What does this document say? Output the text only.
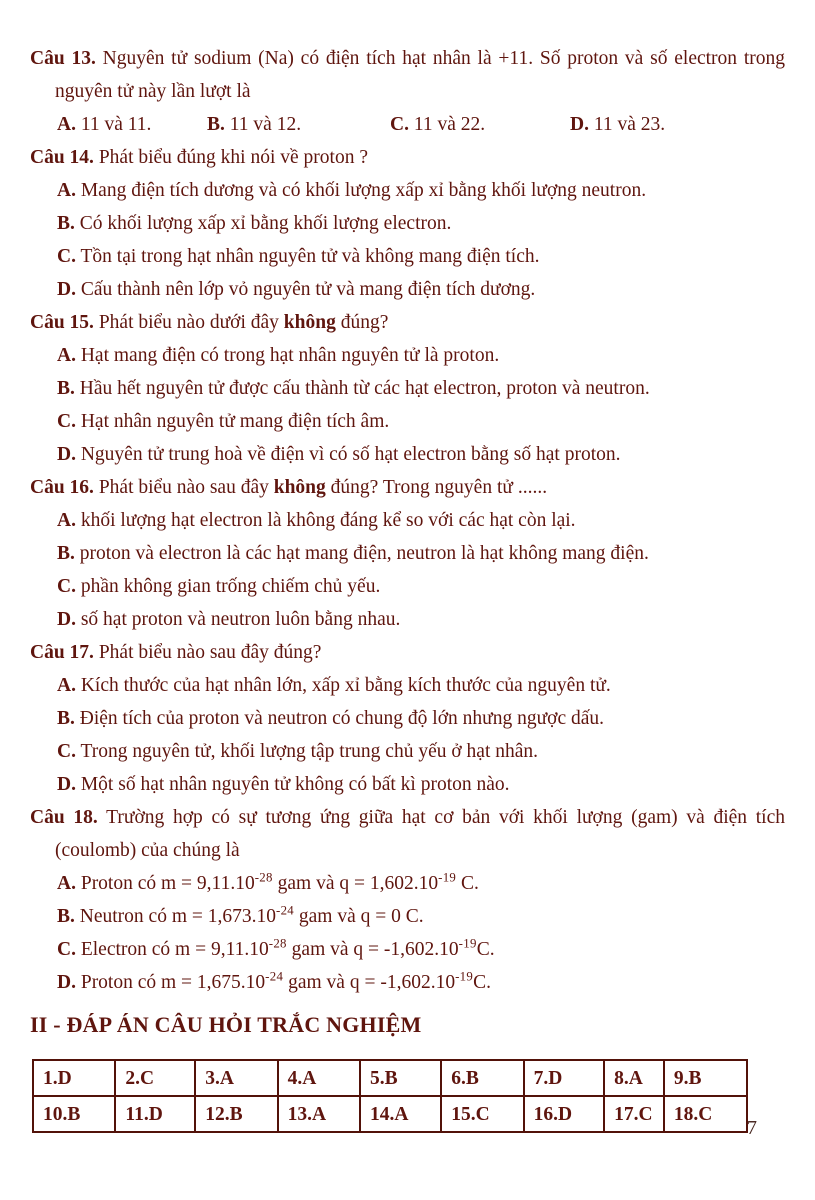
Câu 13. Nguyên tử sodium (Na) có điện tích hạt nhân là +11. Số proton và số electron trong nguyên tử này lần lượt là

A. 11 và 11.	B. 11 và 12.	C. 11 và 22.	D. 11 và 23.

Câu 14. Phát biểu đúng khi nói về proton ?

A. Mang điện tích dương và có khối lượng xấp xỉ bằng khối lượng neutron.

B. Có khối lượng xấp xỉ bằng khối lượng electron.

C. Tồn tại trong hạt nhân nguyên tử và không mang điện tích.

D. Cấu thành nên lớp vỏ nguyên tử và mang điện tích dương.

Câu 15. Phát biểu nào dưới đây không đúng?

A. Hạt mang điện có trong hạt nhân nguyên tử là proton.

B. Hầu hết nguyên tử được cấu thành từ các hạt electron, proton và neutron.

C. Hạt nhân nguyên tử mang điện tích âm.

D. Nguyên tử trung hoà về điện vì có số hạt electron bằng số hạt proton.

Câu 16. Phát biểu nào sau đây không đúng? Trong nguyên tử ......

A. khối lượng hạt electron là không đáng kể so với các hạt còn lại.

B. proton và electron là các hạt mang điện, neutron là hạt không mang điện.

C. phần không gian trống chiếm chủ yếu.

D. số hạt proton và neutron luôn bằng nhau.

Câu 17. Phát biểu nào sau đây đúng?

A. Kích thước của hạt nhân lớn, xấp xỉ bằng kích thước của nguyên tử.

B. Điện tích của proton và neutron có chung độ lớn nhưng ngược dấu.

C. Trong nguyên tử, khối lượng tập trung chủ yếu ở hạt nhân.

D. Một số hạt nhân nguyên tử không có bất kì proton nào.

Câu 18. Trường hợp có sự tương ứng giữa hạt cơ bản với khối lượng (gam) và điện tích (coulomb) của chúng là

A. Proton có $m = 9,11.10^{-28}$ gam và $q = 1,602.10^{-19}$ C.

B. Neutron có $m = 1,673.10^{-24}$ gam và q = 0 C.

C. Electron có $m = 9,11.10^{-28}$ gam và $q = -1,602.10^{-19}C$.

D. Proton có $m = 1,675.10^{-24}$ gam và $q = -1,602.10^{-19}C$.

II - ĐÁP ÁN CÂU HỎI TRẮC NGHIỆM
1.D	2.C	3.A	4.A	5.B	6.B	7.D	8.A	9.B
10.B	11.D	12.B	13.A	14.A	15.C	16.D	17.C	18.C
7
